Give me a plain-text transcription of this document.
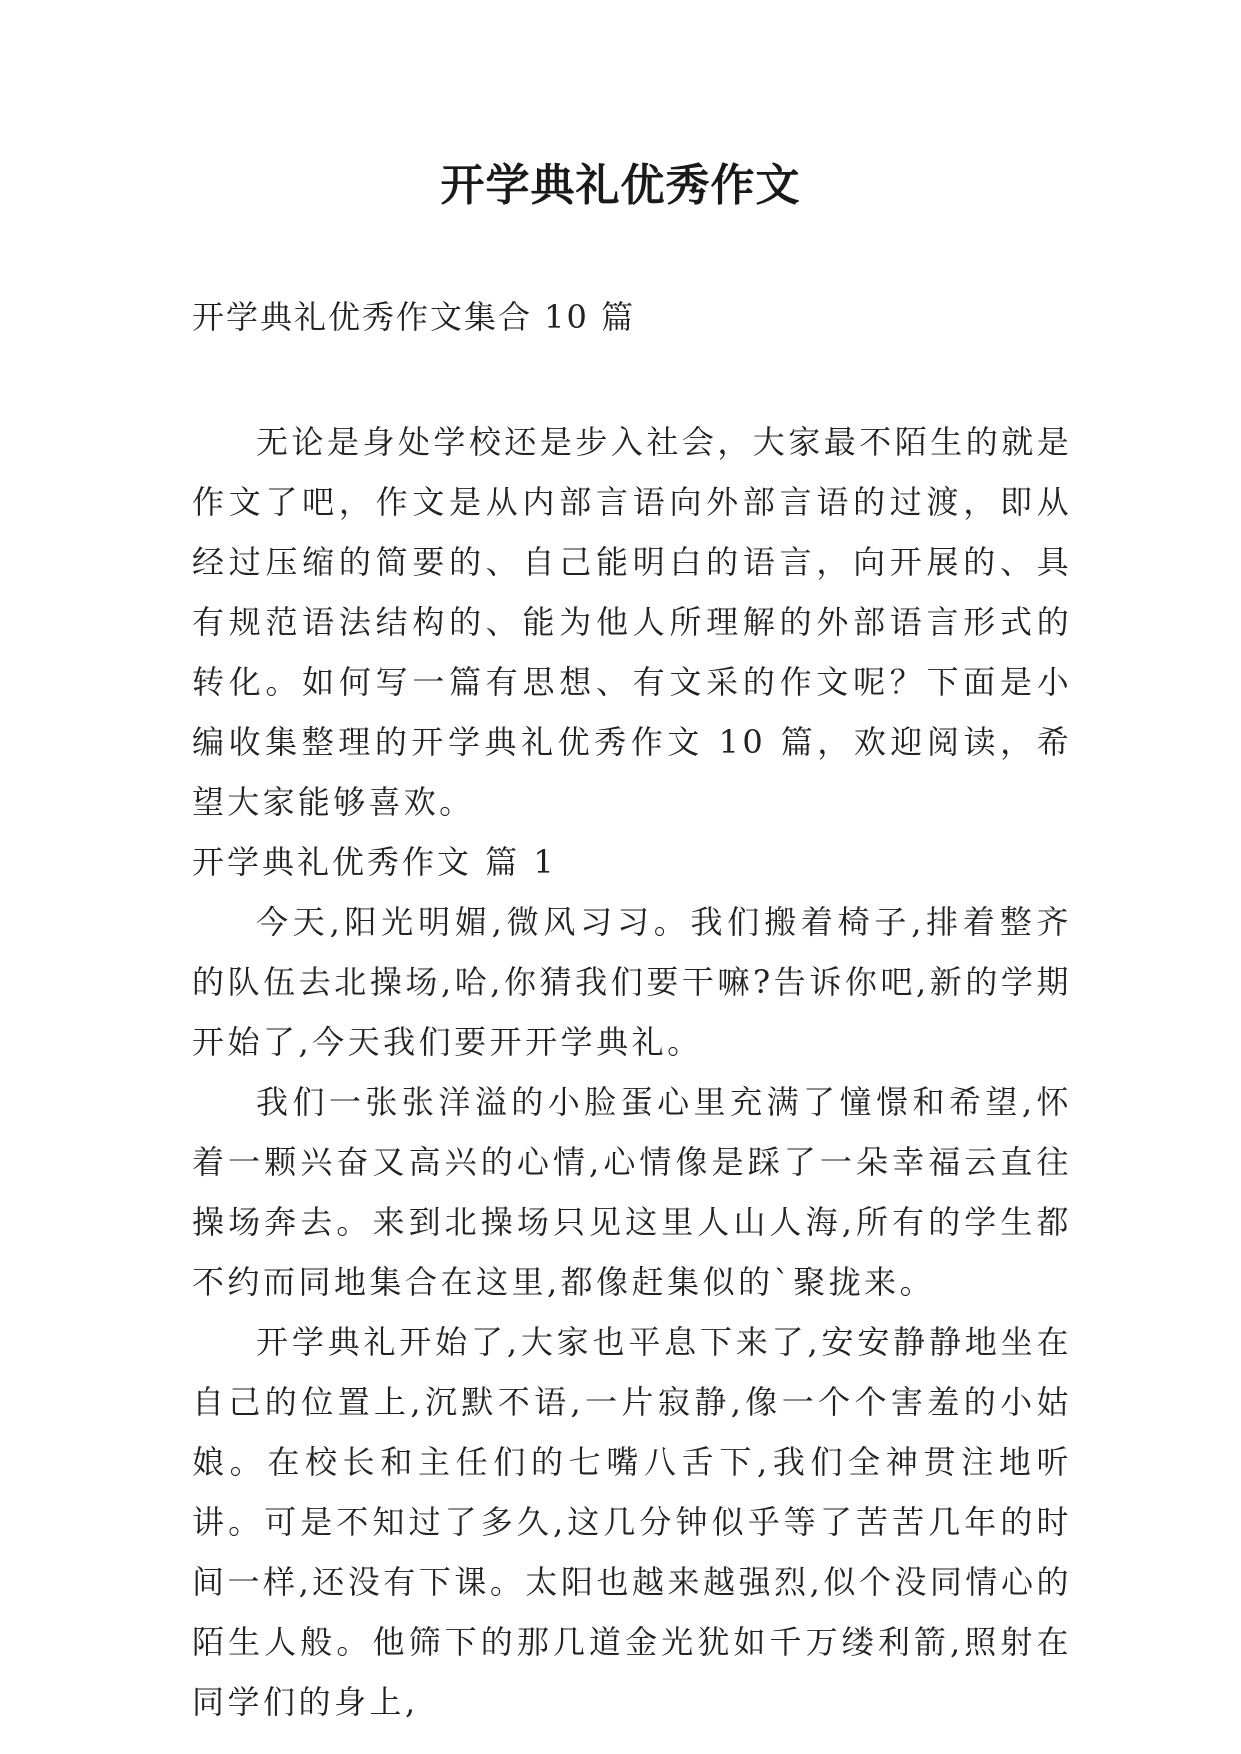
开学典礼优秀作文

开学典礼优秀作文集合 10 篇

无论是身处学校还是步入社会，大家最不陌生的就是作文了吧，作文是从内部言语向外部言语的过渡，即从经过压缩的简要的、自己能明白的语言，向开展的、具有规范语法结构的、能为他人所理解的外部语言形式的转化。如何写一篇有思想、有文采的作文呢？下面是小编收集整理的开学典礼优秀作文 10 篇，欢迎阅读，希望大家能够喜欢。

开学典礼优秀作文 篇 1

今天,阳光明媚,微风习习。我们搬着椅子,排着整齐的队伍去北操场,哈,你猜我们要干嘛?告诉你吧,新的学期开始了,今天我们要开开学典礼。

我们一张张洋溢的小脸蛋心里充满了憧憬和希望,怀着一颗兴奋又高兴的心情,心情像是踩了一朵幸福云直往操场奔去。来到北操场只见这里人山人海,所有的学生都不约而同地集合在这里,都像赶集似的`聚拢来。

开学典礼开始了,大家也平息下来了,安安静静地坐在自己的位置上,沉默不语,一片寂静,像一个个害羞的小姑娘。在校长和主任们的七嘴八舌下,我们全神贯注地听讲。可是不知过了多久,这几分钟似乎等了苦苦几年的时间一样,还没有下课。太阳也越来越强烈,似个没同情心的陌生人般。他筛下的那几道金光犹如千万缕利箭,照射在同学们的身上,
